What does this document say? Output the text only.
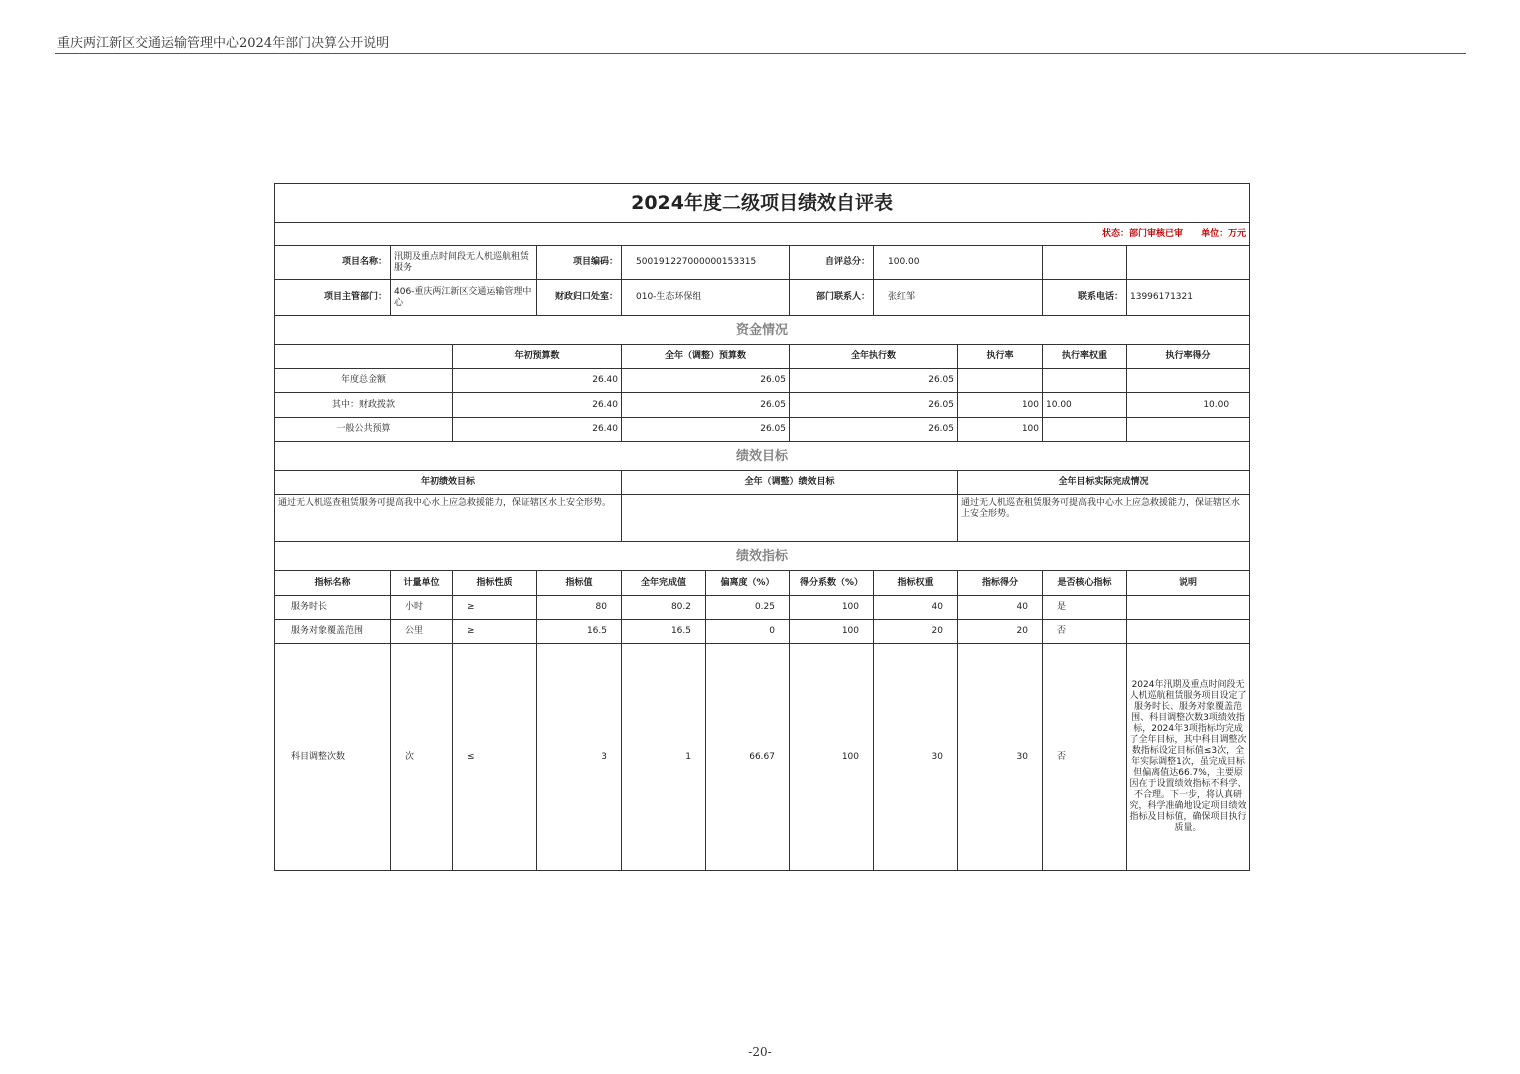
重庆两江新区交通运输管理中心2024年部门决算公开说明
2024年度二级项目绩效自评表										
状态：部门审核已审 单位：万元										
项目名称：	汛期及重点时间段无人机巡航租赁服务		项目编码：	500191227000000153315		自评总分：	100.00			
项目主管部门：	406-重庆两江新区交通运输管理中心		财政归口处室：	010-生态环保组		部门联系人：	张红邹		联系电话：	13996171321
资金情况										
		年初预算数		全年（调整）预算数		全年执行数		执行率	执行率权重	执行率得分
年度总金额		26.40		26.05		26.05				
其中：财政拨款		26.40		26.05		26.05		100	10.00	10.00
一般公共预算		26.40		26.05		26.05		100		
绩效目标										
年初绩效目标				全年（调整）绩效目标				全年目标实际完成情况		
通过无人机巡查租赁服务可提高我中心水上应急救援能力，保证辖区水上安全形势。								通过无人机巡查租赁服务可提高我中心水上应急救援能力，保证辖区水上安全形势。		
绩效指标										
指标名称	计量单位	指标性质	指标值	全年完成值	偏离度（%）	得分系数（%）	指标权重	指标得分	是否核心指标	说明
服务时长	小时	≥	80	80.2	0.25	100	40	40	是	
服务对象覆盖范围	公里	≥	16.5	16.5	0	100	20	20	否	
科目调整次数	次	≤	3	1	66.67	100	30	30	否	2024年汛期及重点时间段无人机巡航租赁服务项目设定了服务时长、服务对象覆盖范围、科目调整次数3项绩效指标，2024年3项指标均完成了全年目标，其中科目调整次数指标设定目标值≤3次，全年实际调整1次，虽完成目标但偏离值达66.7%，主要原因在于设置绩效指标不科学、不合理。下一步，将认真研究，科学准确地设定项目绩效指标及目标值，确保项目执行质量。
-20-
